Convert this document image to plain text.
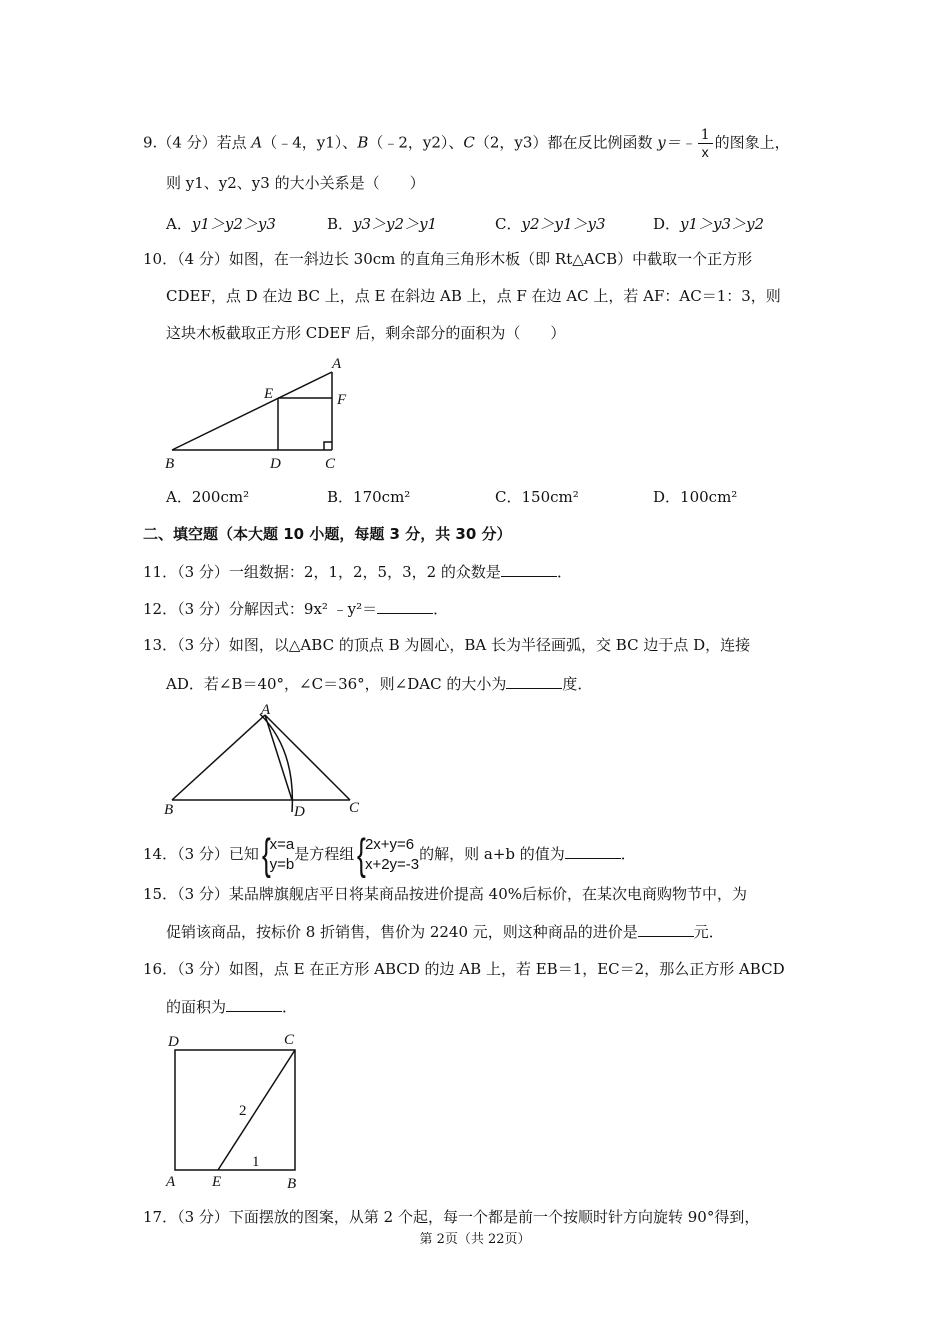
9.（4 分）若点 A（﹣4，y1）、B（﹣2，y2）、C（2，y3）都在反比例函数 y＝﹣ $\frac{1}{x}$ 的图象上，
则 y1、y2、y3 的大小关系是（　　）
A．y1＞y2＞y3	B．y3＞y2＞y1	C．y2＞y1＞y3	D．y1＞y3＞y2
10．（4 分）如图，在一斜边长 30cm 的直角三角形木板（即 Rt△ACB）中截取一个正方形
CDEF，点 D 在边 BC 上，点 E 在斜边 AB 上，点 F 在边 AC 上，若 AF：AC＝1：3，则
这块木板截取正方形 CDEF 后，剩余部分的面积为（　　）
A
B	C
D
E	F
A．200cm²	B．170cm²	C．150cm²	D．100cm²
二、填空题（本大题 10 小题，每题 3 分，共 30 分）
11．（3 分）一组数据：2，1，2，5，3，2 的众数是	．
12．（3 分）分解因式：9x² ﹣y²＝	．
13．（3 分）如图，以△ABC 的顶点 B 为圆心，BA 长为半径画弧，交 BC 边于点 D，连接
AD．若∠B＝40°，∠C＝36°，则∠DAC 的大小为	度．
A
B	C
D
14．（3 分）已知 {
x=a
y=b
是方程组 {
2x+y=6
x+2y=-3
的解，则 a+b 的值为	．
15．（3 分）某品牌旗舰店平日将某商品按进价提高 40%后标价，在某次电商购物节中，为
促销该商品，按标价 8 折销售，售价为 2240 元，则这种商品的进价是	元．
16．（3 分）如图，点 E 在正方形 ABCD 的边 AB 上，若 EB＝1，EC＝2，那么正方形 ABCD
的面积为	．
D	C
A E	B
2
1
17．（3 分）下面摆放的图案，从第 2 个起，每一个都是前一个按顺时针方向旋转 90°得到，
第 2页（共 22页）
